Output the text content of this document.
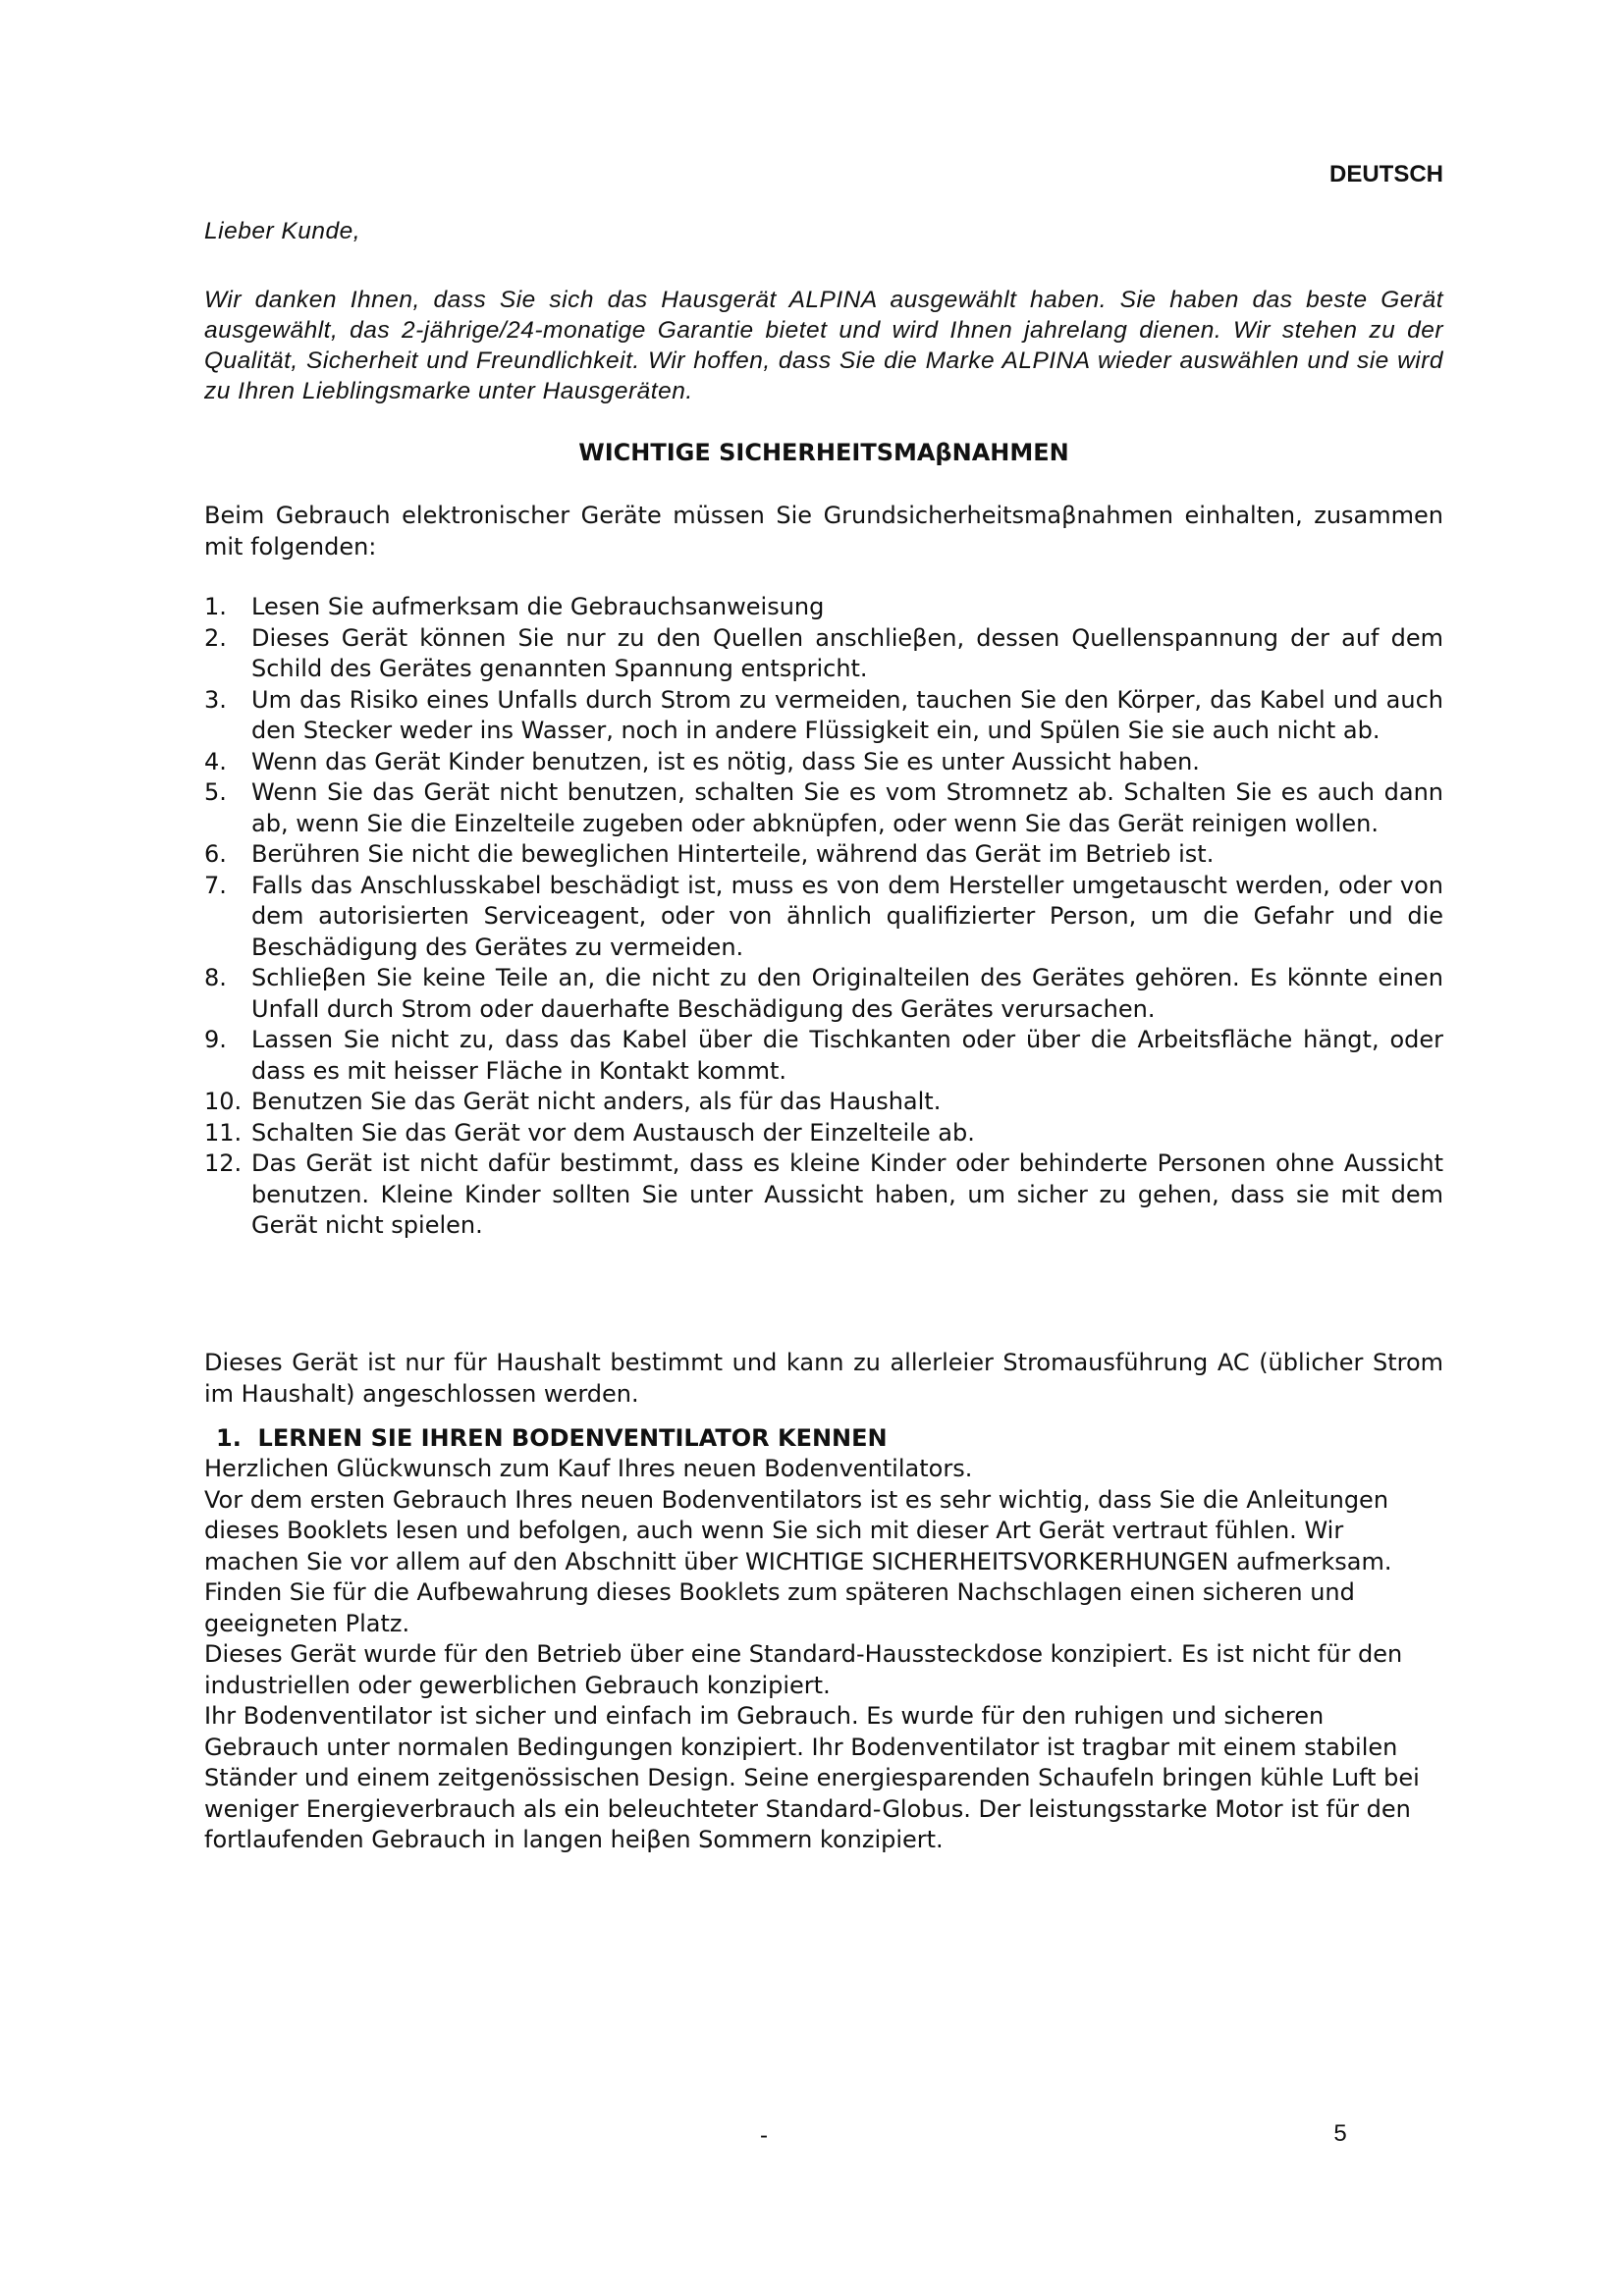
DEUTSCH
Lieber Kunde,
Wir danken Ihnen, dass Sie sich das Hausgerät ALPINA ausgewählt haben. Sie haben das beste Gerät ausgewählt, das 2-jährige/24-monatige Garantie bietet und wird Ihnen jahrelang dienen. Wir stehen zu der Qualität, Sicherheit und Freundlichkeit. Wir hoffen, dass Sie die Marke ALPINA wieder auswählen und sie wird zu Ihren Lieblingsmarke unter Hausgeräten.
WICHTIGE SICHERHEITSMAβNAHMEN
Beim Gebrauch elektronischer Geräte müssen Sie Grundsicherheitsmaβnahmen einhalten, zusammen mit folgenden:
1. Lesen Sie aufmerksam die Gebrauchsanweisung
2. Dieses Gerät können Sie nur zu den Quellen anschlieβen, dessen Quellenspannung der auf dem Schild des Gerätes genannten Spannung entspricht.
3. Um das Risiko eines Unfalls durch Strom zu vermeiden, tauchen Sie den Körper, das Kabel und auch den Stecker weder ins Wasser, noch in andere Flüssigkeit ein, und Spülen Sie sie auch nicht ab.
4. Wenn das Gerät Kinder benutzen, ist es nötig, dass Sie es unter Aussicht haben.
5. Wenn Sie das Gerät nicht benutzen, schalten Sie es vom Stromnetz ab. Schalten Sie es auch dann ab, wenn Sie die Einzelteile zugeben oder abknüpfen, oder wenn Sie das Gerät reinigen wollen.
6. Berühren Sie nicht die beweglichen Hinterteile, während das Gerät im Betrieb ist.
7. Falls das Anschlusskabel beschädigt ist, muss es von dem Hersteller umgetauscht werden, oder von dem autorisierten Serviceagent, oder von ähnlich qualifizierter Person, um die Gefahr und die Beschädigung des Gerätes zu vermeiden.
8. Schlieβen Sie keine Teile an, die nicht zu den Originalteilen des Gerätes gehören. Es könnte einen Unfall durch Strom oder dauerhafte Beschädigung des Gerätes verursachen.
9. Lassen Sie nicht zu, dass das Kabel über die Tischkanten oder über die Arbeitsfläche hängt, oder dass es mit heisser Fläche in Kontakt kommt.
10. Benutzen Sie das Gerät nicht anders, als für das Haushalt.
11. Schalten Sie das Gerät vor dem Austausch der Einzelteile ab.
12. Das Gerät ist nicht dafür bestimmt, dass es kleine Kinder oder behinderte Personen ohne Aussicht benutzen. Kleine Kinder sollten Sie unter Aussicht haben, um sicher zu gehen, dass sie mit dem Gerät nicht spielen.
Dieses Gerät ist nur für Haushalt bestimmt und kann zu allerleier Stromausführung AC (üblicher Strom im Haushalt) angeschlossen werden.
1.  LERNEN SIE IHREN BODENVENTILATOR KENNEN

Herzlichen Glückwunsch zum Kauf Ihres neuen Bodenventilators.

Vor dem ersten Gebrauch Ihres neuen Bodenventilators ist es sehr wichtig, dass Sie die Anleitungen dieses Booklets lesen und befolgen, auch wenn Sie sich mit dieser Art Gerät vertraut fühlen. Wir machen Sie vor allem auf den Abschnitt über WICHTIGE SICHERHEITSVORKERHUNGEN aufmerksam. Finden Sie für die Aufbewahrung dieses Booklets zum späteren Nachschlagen einen sicheren und geeigneten Platz.

Dieses Gerät wurde für den Betrieb über eine Standard-Haussteckdose konzipiert. Es ist nicht für den industriellen oder gewerblichen Gebrauch konzipiert.

Ihr Bodenventilator ist sicher und einfach im Gebrauch. Es wurde für den ruhigen und sicheren Gebrauch unter normalen Bedingungen konzipiert. Ihr Bodenventilator ist tragbar mit einem stabilen Ständer und einem zeitgenössischen Design. Seine energiesparenden Schaufeln bringen kühle Luft bei weniger Energieverbrauch als ein beleuchteter Standard-Globus. Der leistungsstarke Motor ist für den fortlaufenden Gebrauch in langen heiβen Sommern konzipiert.

-	5
